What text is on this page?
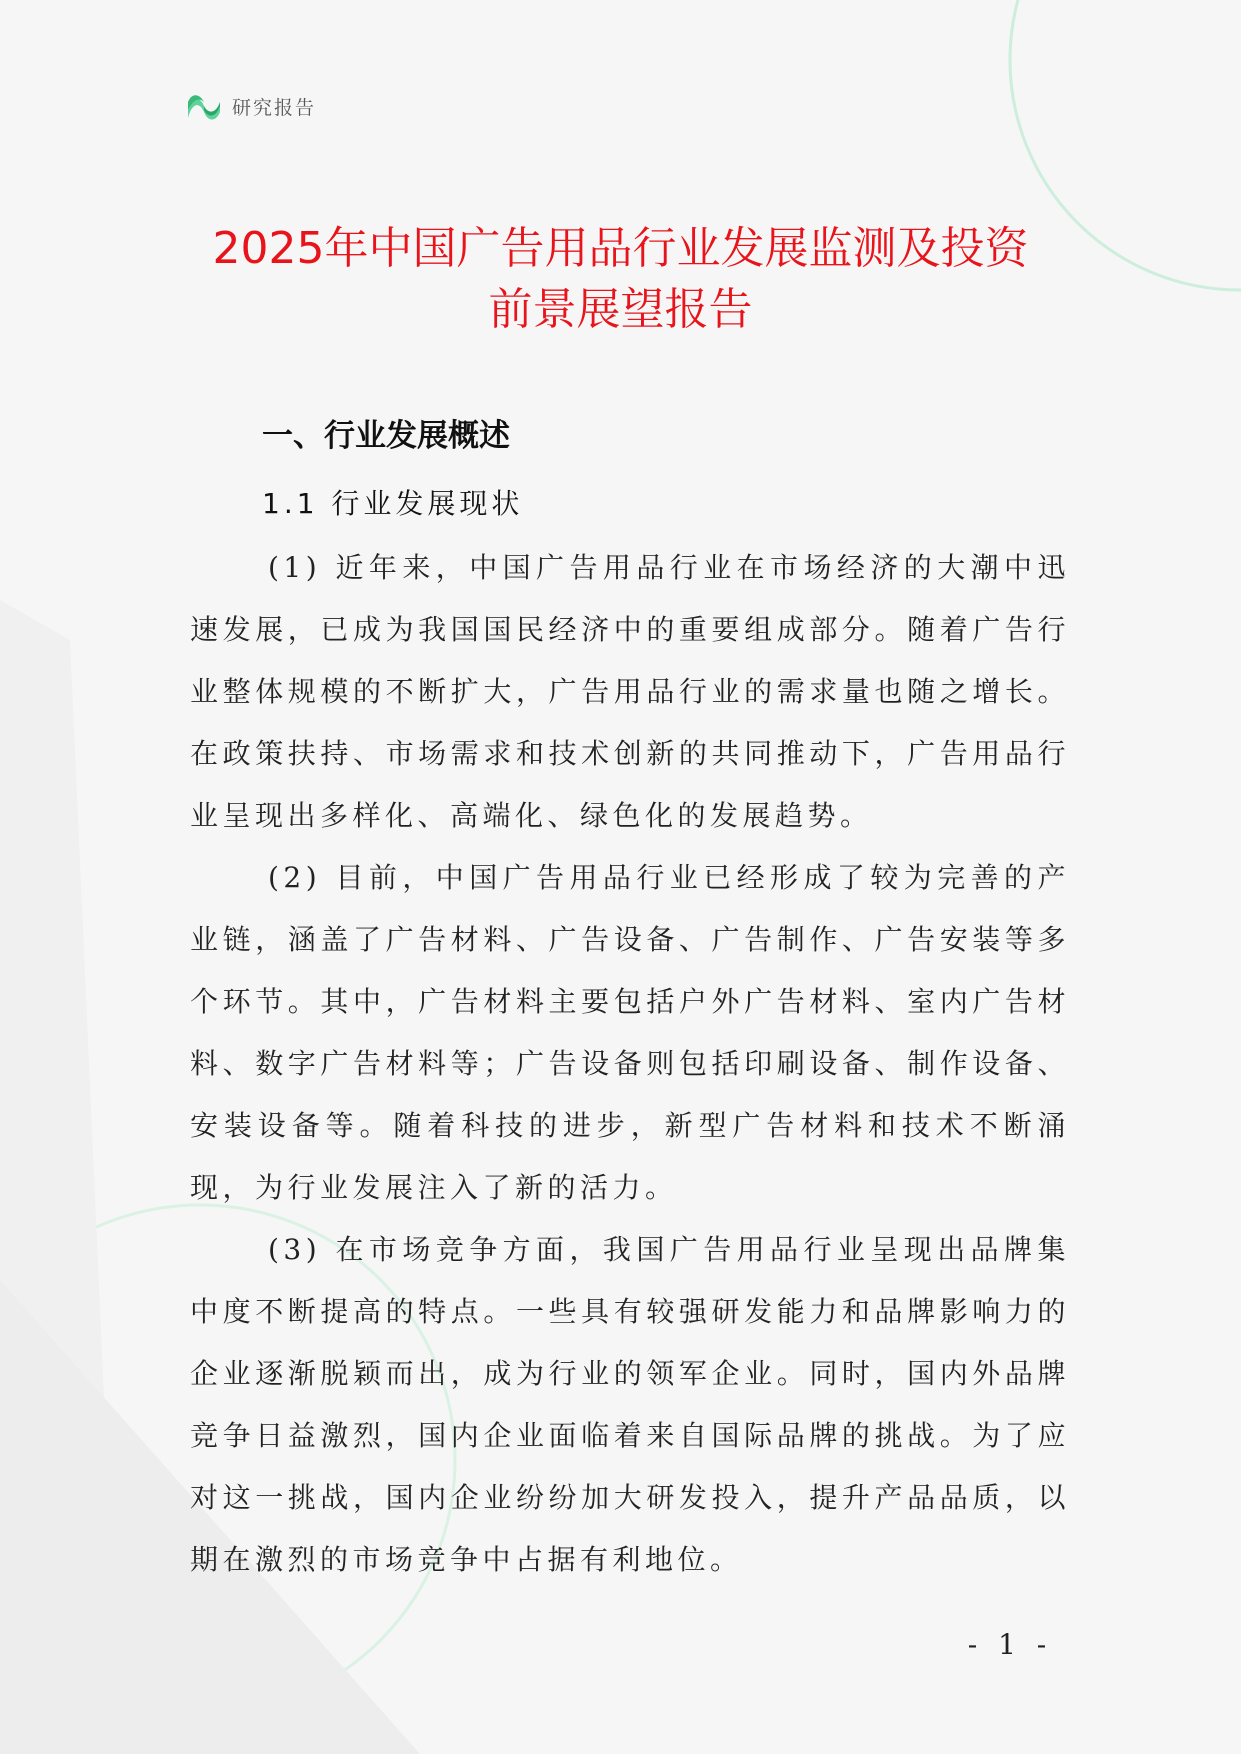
研究报告
2025年中国广告用品行业发展监测及投资
前景展望报告
一、行业发展概述
1.1 行业发展现状

(1) 近年来，中国广告用品行业在市场经济的大潮中迅速发展，已成为我国国民经济中的重要组成部分。随着广告行业整体规模的不断扩大，广告用品行业的需求量也随之增长。在政策扶持、市场需求和技术创新的共同推动下，广告用品行业呈现出多样化、高端化、绿色化的发展趋势。

(2) 目前，中国广告用品行业已经形成了较为完善的产业链，涵盖了广告材料、广告设备、广告制作、广告安装等多个环节。其中，广告材料主要包括户外广告材料、室内广告材料、数字广告材料等；广告设备则包括印刷设备、制作设备、安装设备等。随着科技的进步，新型广告材料和技术不断涌现，为行业发展注入了新的活力。

(3) 在市场竞争方面，我国广告用品行业呈现出品牌集中度不断提高的特点。一些具有较强研发能力和品牌影响力的企业逐渐脱颖而出，成为行业的领军企业。同时，国内外品牌竞争日益激烈，国内企业面临着来自国际品牌的挑战。为了应对这一挑战，国内企业纷纷加大研发投入，提升产品品质，以期在激烈的市场竞争中占据有利地位。

- 1 -
